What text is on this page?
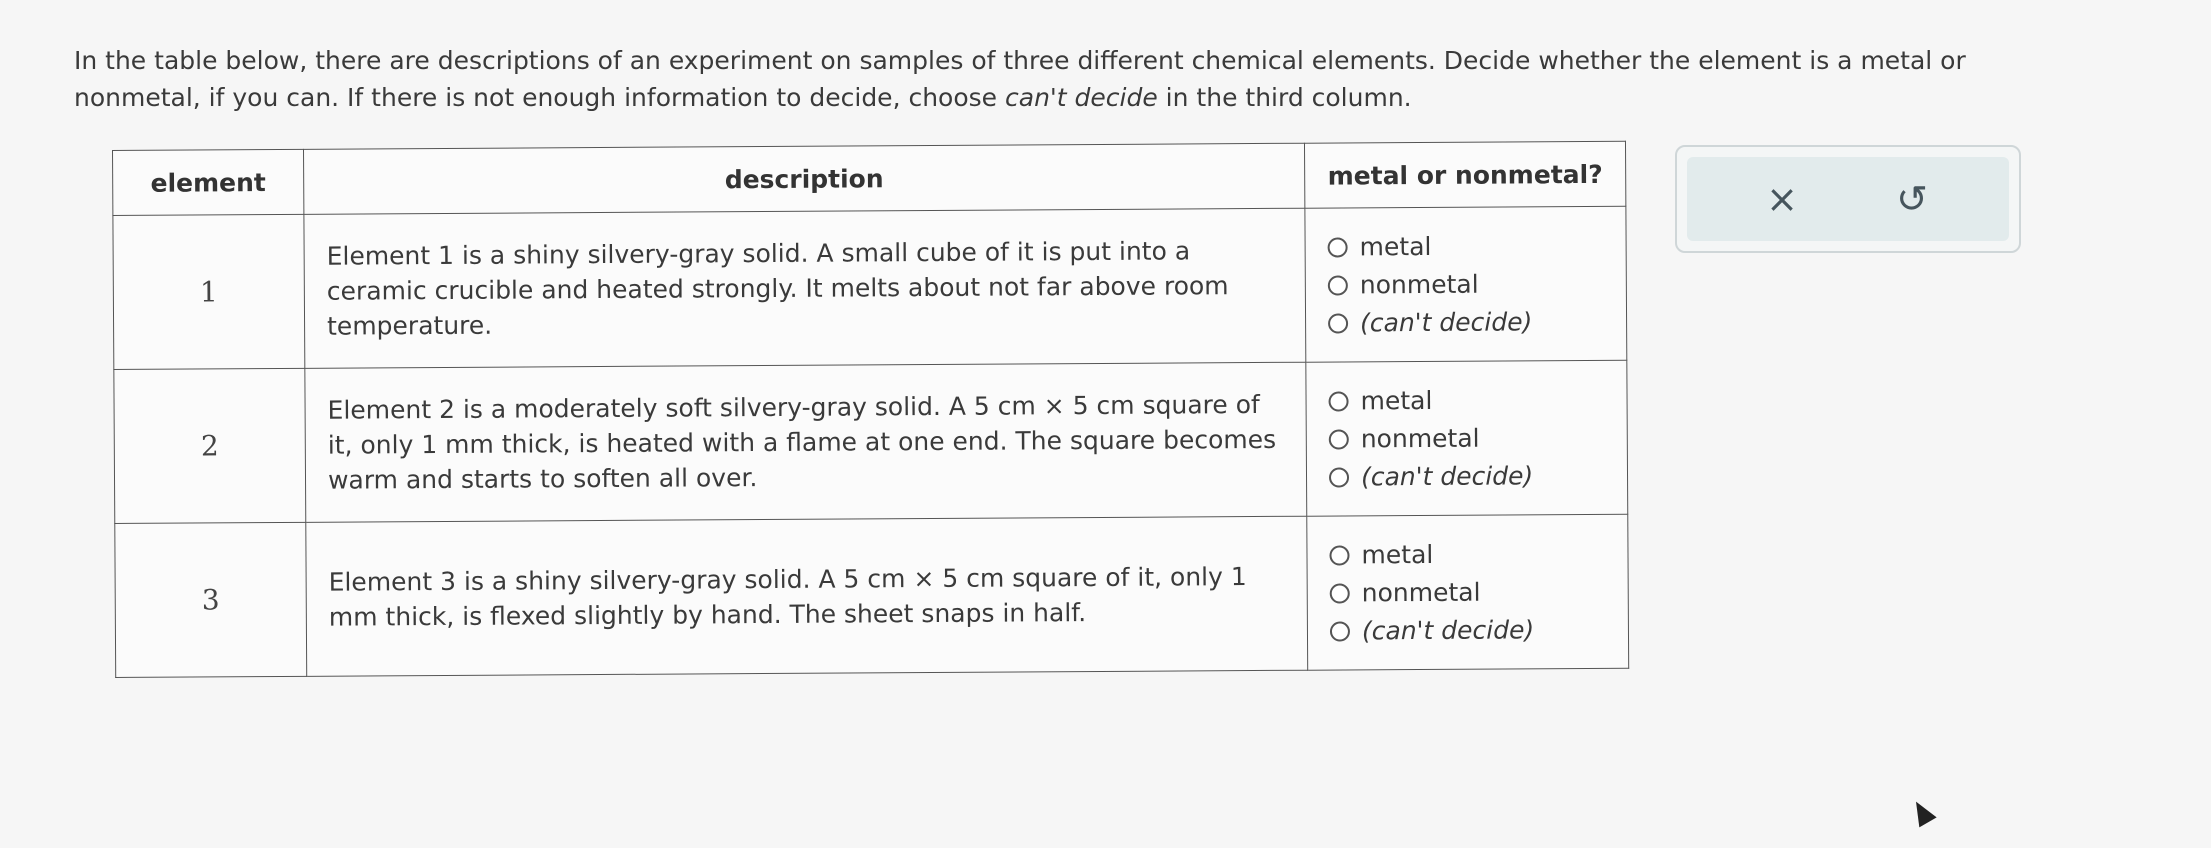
In the table below, there are descriptions of an experiment on samples of three different chemical elements. Decide whether the element is a metal or nonmetal, if you can. If there is not enough information to decide, choose can't decide in the third column.
element	description	metal or nonmetal?
1	Element 1 is a shiny silvery-gray solid. A small cube of it is put into a ceramic crucible and heated strongly. It melts about not far above room temperature.	metal
nonmetal
(can't decide)

2	Element 2 is a moderately soft silvery-gray solid. A 5 cm × 5 cm square of it, only 1 mm thick, is heated with a flame at one end. The square becomes warm and starts to soften all over.	metal
nonmetal
(can't decide)

3	Element 3 is a shiny silvery-gray solid. A 5 cm × 5 cm square of it, only 1 mm thick, is flexed slightly by hand. The sheet snaps in half.	metal
nonmetal
(can't decide)
×	↺
